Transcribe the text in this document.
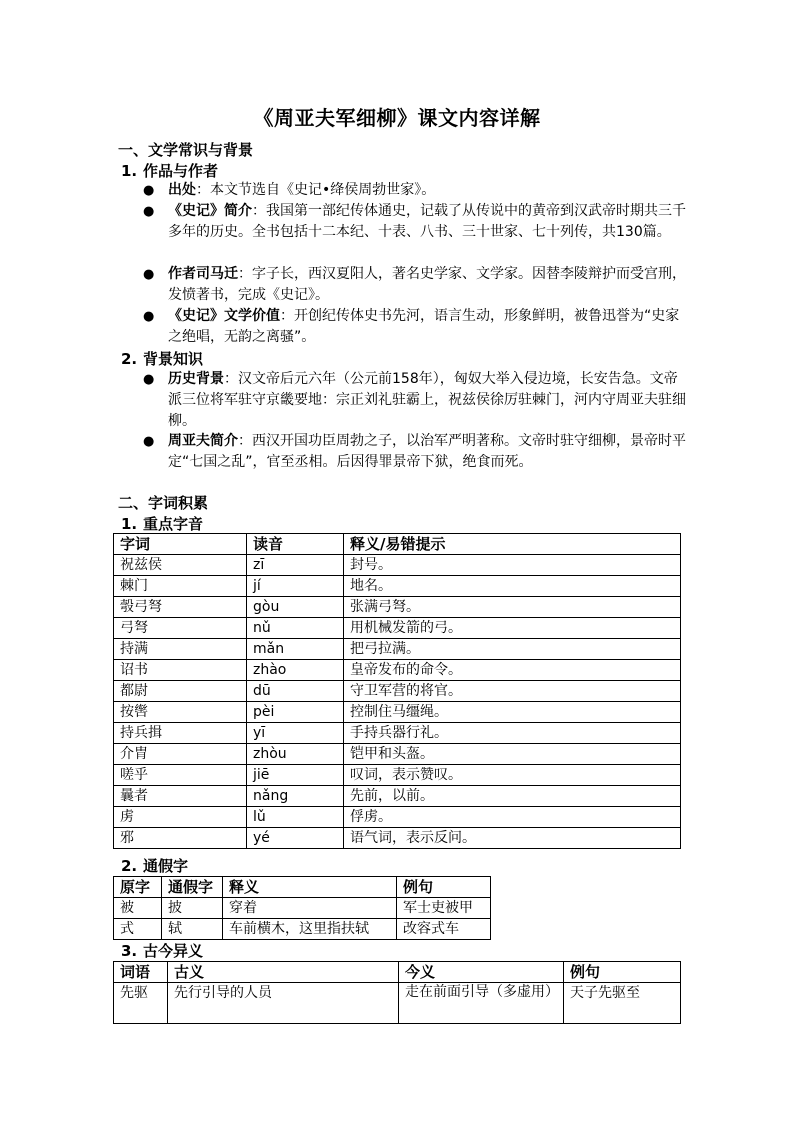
《周亚夫军细柳》课文内容详解
一、文学常识与背景
1. 作品与作者
● 出处：本文节选自《史记•绛侯周勃世家》。
● 《史记》简介：我国第一部纪传体通史，记载了从传说中的黄帝到汉武帝时期共三千多年的历史。全书包括十二本纪、十表、八书、三十世家、七十列传，共130篇。
● 作者司马迁：字子长，西汉夏阳人，著名史学家、文学家。因替李陵辩护而受宫刑，发愤著书，完成《史记》。
● 《史记》文学价值：开创纪传体史书先河，语言生动，形象鲜明，被鲁迅誉为“史家之绝唱，无韵之离骚”。
2. 背景知识
● 历史背景：汉文帝后元六年（公元前158年），匈奴大举入侵边境，长安告急。文帝派三位将军驻守京畿要地：宗正刘礼驻霸上，祝兹侯徐厉驻棘门，河内守周亚夫驻细柳。
● 周亚夫简介：西汉开国功臣周勃之子，以治军严明著称。文帝时驻守细柳，景帝时平定“七国之乱”，官至丞相。后因得罪景帝下狱，绝食而死。
二、字词积累
1. 重点字音
字词	读音	释义/易错提示
祝兹侯	zī	封号。
棘门	jí	地名。
彀弓弩	gòu	张满弓弩。
弓弩	nǔ	用机械发箭的弓。
持满	mǎn	把弓拉满。
诏书	zhào	皇帝发布的命令。
都尉	dū	守卫军营的将官。
按辔	pèi	控制住马缰绳。
持兵揖	yī	手持兵器行礼。
介胄	zhòu	铠甲和头盔。
嗟乎	jiē	叹词，表示赞叹。
曩者	nǎng	先前，以前。
虏	lǔ	俘虏。
邪	yé	语气词，表示反问。
2. 通假字
原字	通假字	释义	例句
被	披	穿着	军士吏被甲
式	轼	车前横木，这里指扶轼	改容式车
3. 古今异义
词语	古义	今义	例句
先驱	先行引导的人员	走在前面引导（多虚用）	天子先驱至
